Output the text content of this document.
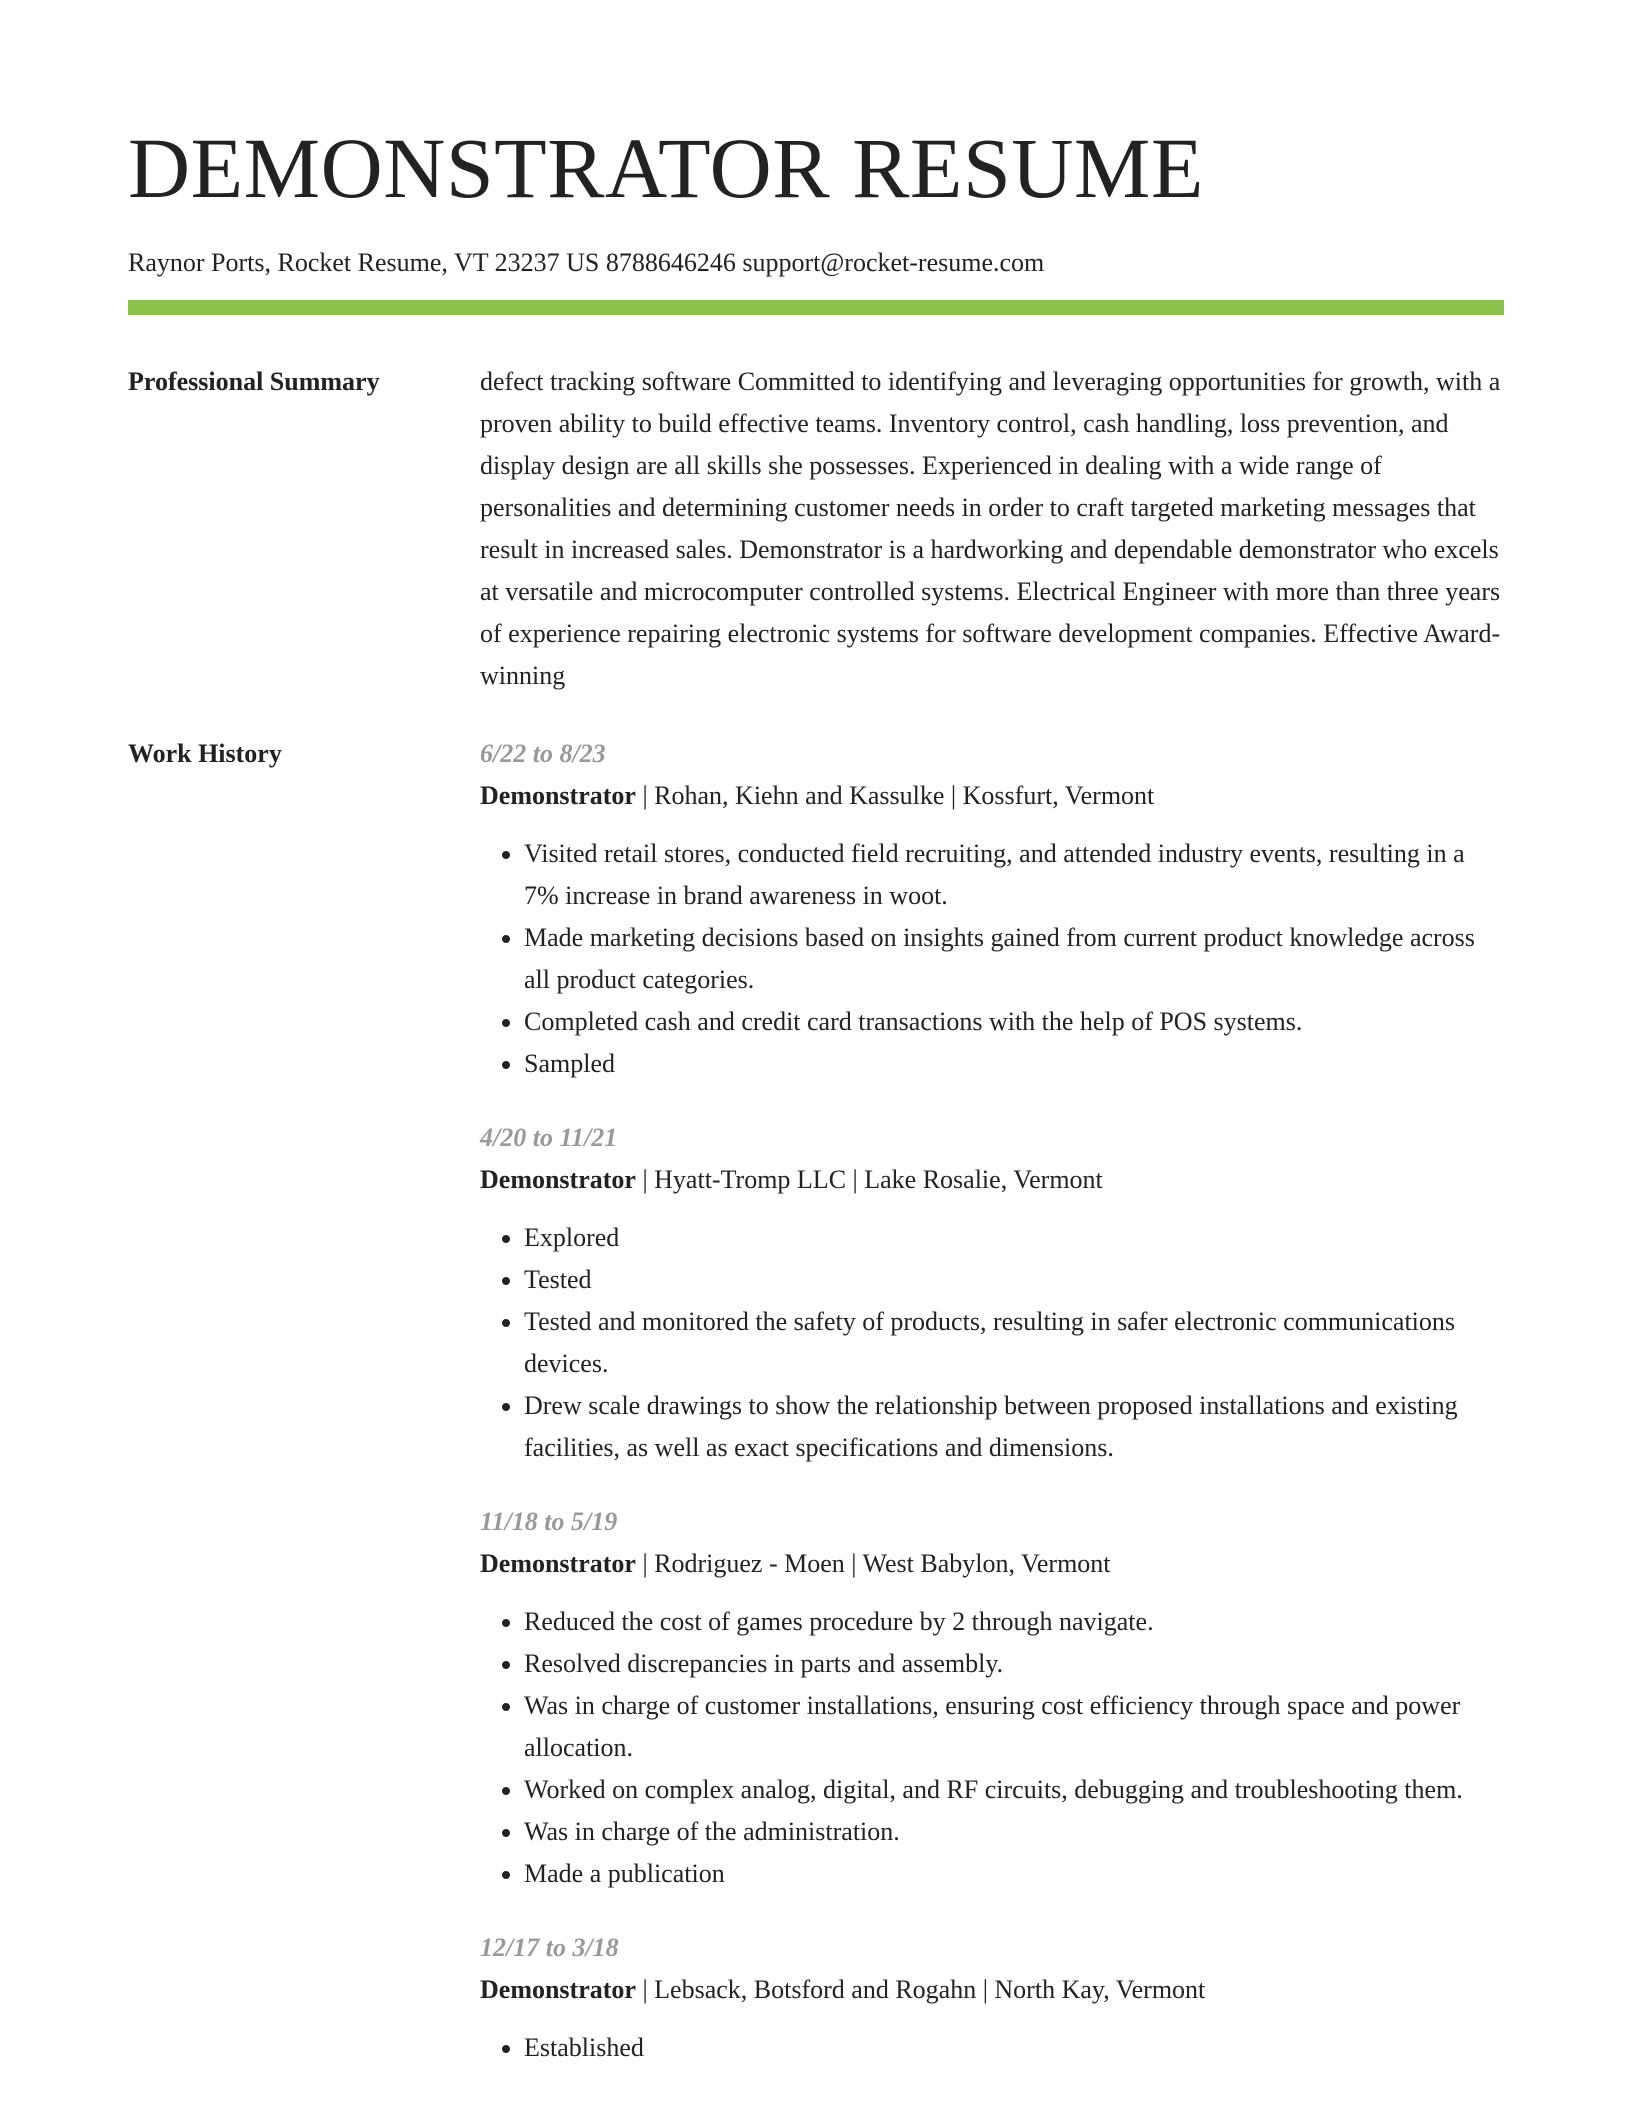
DEMONSTRATOR RESUME
Raynor Ports, Rocket Resume, VT 23237 US 8788646246 support@rocket-resume.com
Professional Summary	defect tracking software Committed to identifying and leveraging opportunities for growth, with a proven ability to build effective teams. Inventory control, cash handling, loss prevention, and display design are all skills she possesses. Experienced in dealing with a wide range of personalities and determining customer needs in order to craft targeted marketing messages that result in increased sales. Demonstrator is a hardworking and dependable demonstrator who excels at versatile and microcomputer controlled systems. Electrical Engineer with more than three years of experience repairing electronic systems for software development companies. Effective Award-winning

Work History	6/22 to 8/23
Demonstrator | Rohan, Kiehn and Kassulke | Kossfurt, Vermont
• Visited retail stores, conducted field recruiting, and attended industry events, resulting in a 7% increase in brand awareness in woot.
• Made marketing decisions based on insights gained from current product knowledge across all product categories.
• Completed cash and credit card transactions with the help of POS systems.
• Sampled
4/20 to 11/21
Demonstrator | Hyatt-Tromp LLC | Lake Rosalie, Vermont
• Explored
• Tested
• Tested and monitored the safety of products, resulting in safer electronic communications devices.
• Drew scale drawings to show the relationship between proposed installations and existing facilities, as well as exact specifications and dimensions.
11/18 to 5/19
Demonstrator | Rodriguez - Moen | West Babylon, Vermont
• Reduced the cost of games procedure by 2 through navigate.
• Resolved discrepancies in parts and assembly.
• Was in charge of customer installations, ensuring cost efficiency through space and power allocation.
• Worked on complex analog, digital, and RF circuits, debugging and troubleshooting them.
• Was in charge of the administration.
• Made a publication
12/17 to 3/18
Demonstrator | Lebsack, Botsford and Rogahn | North Kay, Vermont
• Established
